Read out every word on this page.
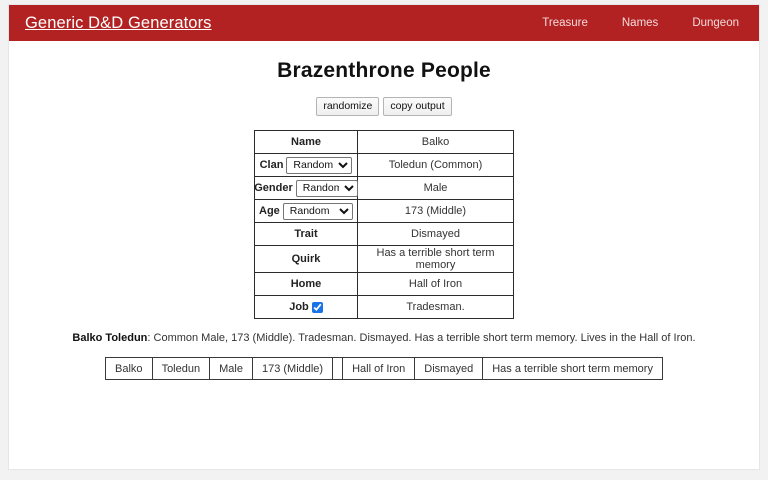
Generic D&D Generators	Treasure	Names	Dungeon
Brazenthrone People
randomize	copy output
Name	Balko

Clan
Random	Toledun (Common)

Gender
Random	Male

Age
Random	173 (Middle)

Trait	Dismayed

Quirk	Has a terrible short term memory

Home	Hall of Iron

Job	Tradesman.
Balko Toledun: Common Male, 173 (Middle). Tradesman. Dismayed. Has a terrible short term memory. Lives in the Hall of Iron.
Balko	Toledun	Male	173 (Middle)		Hall of Iron	Dismayed	Has a terrible short term memory
